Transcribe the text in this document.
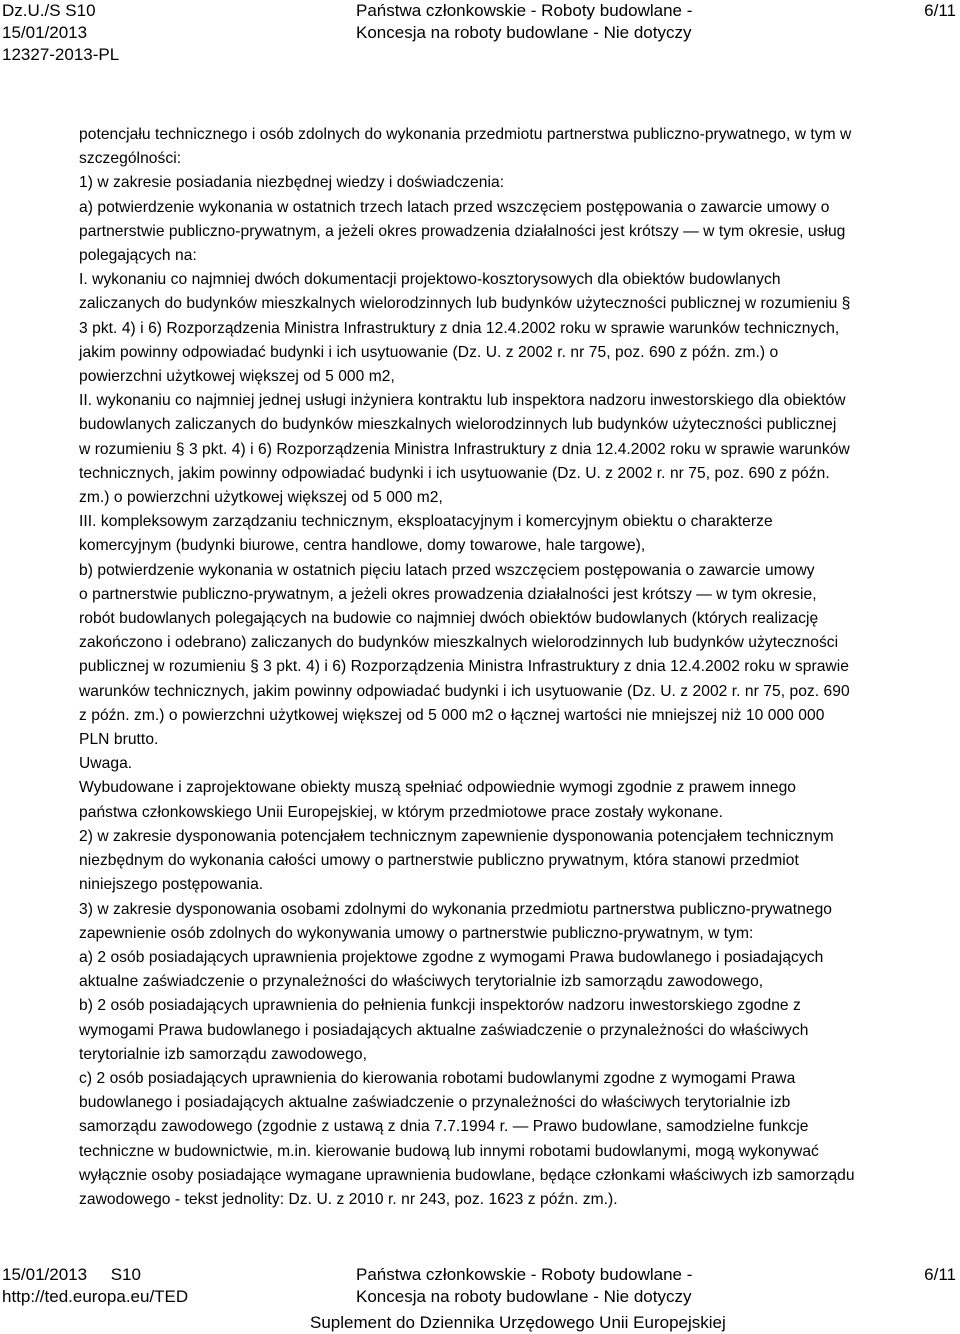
Dz.U./S S10
15/01/2013
12327-2013-PL
Państwa członkowskie - Roboty budowlane -
Koncesja na roboty budowlane - Nie dotyczy
6/11

potencjału technicznego i osób zdolnych do wykonania przedmiotu partnerstwa publiczno-prywatnego, w tym w

szczególności:

1) w zakresie posiadania niezbędnej wiedzy i doświadczenia:

a) potwierdzenie wykonania w ostatnich trzech latach przed wszczęciem postępowania o zawarcie umowy o

partnerstwie publiczno-prywatnym, a jeżeli okres prowadzenia działalności jest krótszy — w tym okresie, usług

polegających na:

I. wykonaniu co najmniej dwóch dokumentacji projektowo-kosztorysowych dla obiektów budowlanych

zaliczanych do budynków mieszkalnych wielorodzinnych lub budynków użyteczności publicznej w rozumieniu §

3 pkt. 4) i 6) Rozporządzenia Ministra Infrastruktury z dnia 12.4.2002 roku w sprawie warunków technicznych,

jakim powinny odpowiadać budynki i ich usytuowanie (Dz. U. z 2002 r. nr 75, poz. 690 z późn. zm.) o

powierzchni użytkowej większej od 5 000 m2,

II. wykonaniu co najmniej jednej usługi inżyniera kontraktu lub inspektora nadzoru inwestorskiego dla obiektów

budowlanych zaliczanych do budynków mieszkalnych wielorodzinnych lub budynków użyteczności publicznej

w rozumieniu § 3 pkt. 4) i 6) Rozporządzenia Ministra Infrastruktury z dnia 12.4.2002 roku w sprawie warunków

technicznych, jakim powinny odpowiadać budynki i ich usytuowanie (Dz. U. z 2002 r. nr 75, poz. 690 z późn.

zm.) o powierzchni użytkowej większej od 5 000 m2,

III. kompleksowym zarządzaniu technicznym, eksploatacyjnym i komercyjnym obiektu o charakterze

komercyjnym (budynki biurowe, centra handlowe, domy towarowe, hale targowe),

b) potwierdzenie wykonania w ostatnich pięciu latach przed wszczęciem postępowania o zawarcie umowy

o partnerstwie publiczno-prywatnym, a jeżeli okres prowadzenia działalności jest krótszy — w tym okresie,

robót budowlanych polegających na budowie co najmniej dwóch obiektów budowlanych (których realizację

zakończono i odebrano) zaliczanych do budynków mieszkalnych wielorodzinnych lub budynków użyteczności

publicznej w rozumieniu § 3 pkt. 4) i 6) Rozporządzenia Ministra Infrastruktury z dnia 12.4.2002 roku w sprawie

warunków technicznych, jakim powinny odpowiadać budynki i ich usytuowanie (Dz. U. z 2002 r. nr 75, poz. 690

z późn. zm.) o powierzchni użytkowej większej od 5 000 m2 o łącznej wartości nie mniejszej niż 10 000 000

PLN brutto.

Uwaga.

Wybudowane i zaprojektowane obiekty muszą spełniać odpowiednie wymogi zgodnie z prawem innego

państwa członkowskiego Unii Europejskiej, w którym przedmiotowe prace zostały wykonane.

2) w zakresie dysponowania potencjałem technicznym zapewnienie dysponowania potencjałem technicznym

niezbędnym do wykonania całości umowy o partnerstwie publiczno prywatnym, która stanowi przedmiot

niniejszego postępowania.

3) w zakresie dysponowania osobami zdolnymi do wykonania przedmiotu partnerstwa publiczno-prywatnego

zapewnienie osób zdolnych do wykonywania umowy o partnerstwie publiczno-prywatnym, w tym:

a) 2 osób posiadających uprawnienia projektowe zgodne z wymogami Prawa budowlanego i posiadających

aktualne zaświadczenie o przynależności do właściwych terytorialnie izb samorządu zawodowego,

b) 2 osób posiadających uprawnienia do pełnienia funkcji inspektorów nadzoru inwestorskiego zgodne z

wymogami Prawa budowlanego i posiadających aktualne zaświadczenie o przynależności do właściwych

terytorialnie izb samorządu zawodowego,

c) 2 osób posiadających uprawnienia do kierowania robotami budowlanymi zgodne z wymogami Prawa

budowlanego i posiadających aktualne zaświadczenie o przynależności do właściwych terytorialnie izb

samorządu zawodowego (zgodnie z ustawą z dnia 7.7.1994 r. — Prawo budowlane, samodzielne funkcje

techniczne w budownictwie, m.in. kierowanie budową lub innymi robotami budowlanymi, mogą wykonywać

wyłącznie osoby posiadające wymagane uprawnienia budowlane, będące członkami właściwych izb samorządu

zawodowego - tekst jednolity: Dz. U. z 2010 r. nr 243, poz. 1623 z późn. zm.).

15/01/2013     S10
http://ted.europa.eu/TED
Państwa członkowskie - Roboty budowlane -
Koncesja na roboty budowlane - Nie dotyczy
Suplement do Dziennika Urzędowego Unii Europejskiej
6/11
